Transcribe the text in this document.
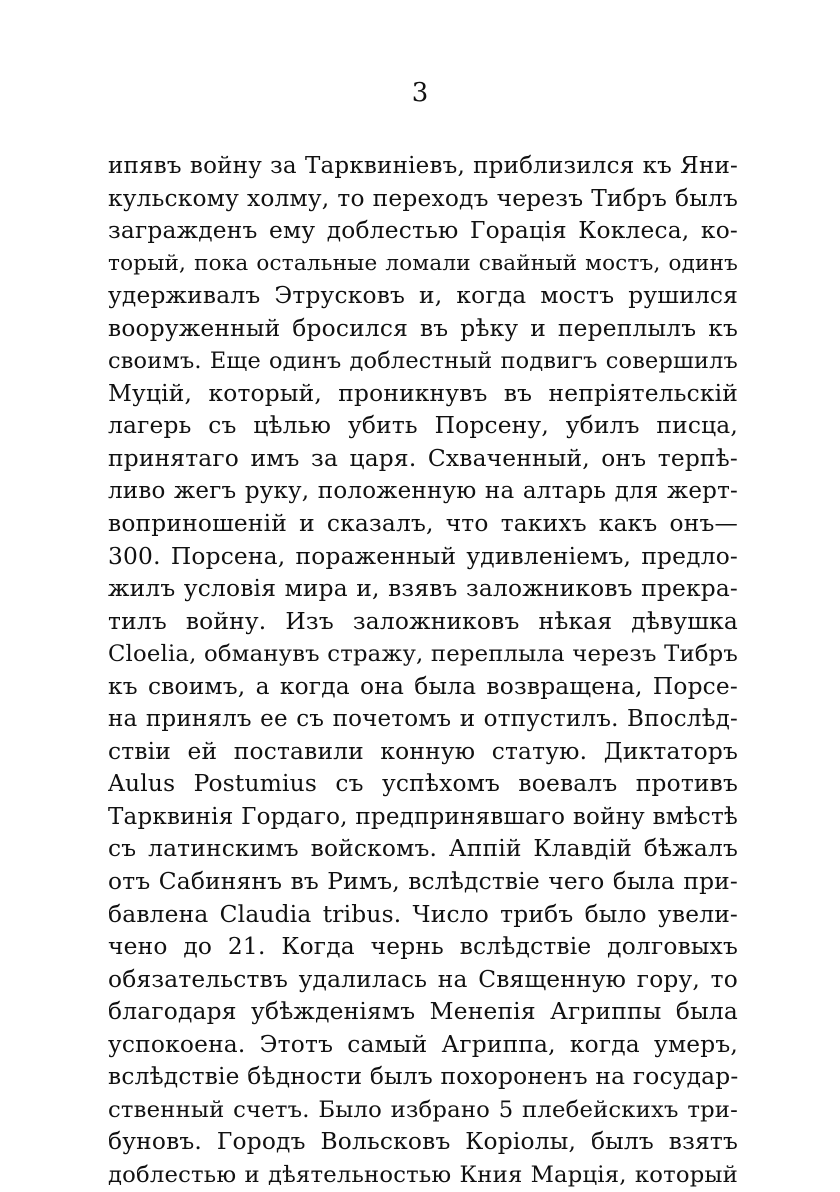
3
ипявъ войну за Тарквиніевъ, приблизился къ Яни-
кульскому холму, то переходъ черезъ Тибръ былъ
загражденъ ему доблестью Горація Коклеса, ко-
торый, пока остальные ломали свайный мостъ, одинъ
удерживалъ Этрусковъ и, когда мостъ рушился
вооруженный бросился въ рѣку и переплылъ къ
своимъ. Еще одинъ доблестный подвигъ совершилъ
Муцій, который, проникнувъ въ непріятельскій
лагерь съ цѣлью убить Порсену, убилъ писца,
принятаго имъ за царя. Схваченный, онъ терпѣ-
ливо жегъ руку, положенную на алтарь для жерт-
воприношеній и сказалъ, что такихъ какъ онъ—
300. Порсена, пораженный удивленіемъ, предло-
жилъ условія мира и, взявъ заложниковъ прекра-
тилъ войну. Изъ заложниковъ нѣкая дѣвушка
Cloelia, обманувъ стражу, переплыла черезъ Тибръ
къ своимъ, а когда она была возвращена, Порсе-
на принялъ ее съ почетомъ и отпустилъ. Впослѣд-
ствіи ей поставили конную статую. Диктаторъ
Aulus Postumius съ успѣхомъ воевалъ противъ
Тарквинія Гордаго, предпринявшаго войну вмѣстѣ
съ латинскимъ войскомъ. Аппій Клавдій бѣжалъ
отъ Сабинянъ въ Римъ, вслѣдствіе чего была при-
бавлена Claudia tribus. Число трибъ было увели-
чено до 21. Когда чернь вслѣдствіе долговыхъ
обязательствъ удалилась на Священную гору, то
благодаря убѣжденіямъ Менепія Агриппы была
успокоена. Этотъ самый Агриппа, когда умеръ,
вслѣдствіе бѣдности былъ похороненъ на государ-
ственный счетъ. Было избрано 5 плебейскихъ три-
буновъ. Городъ Вольсковъ Коріолы, былъ взятъ
доблестью и дѣятельностью Кния Марція, который
